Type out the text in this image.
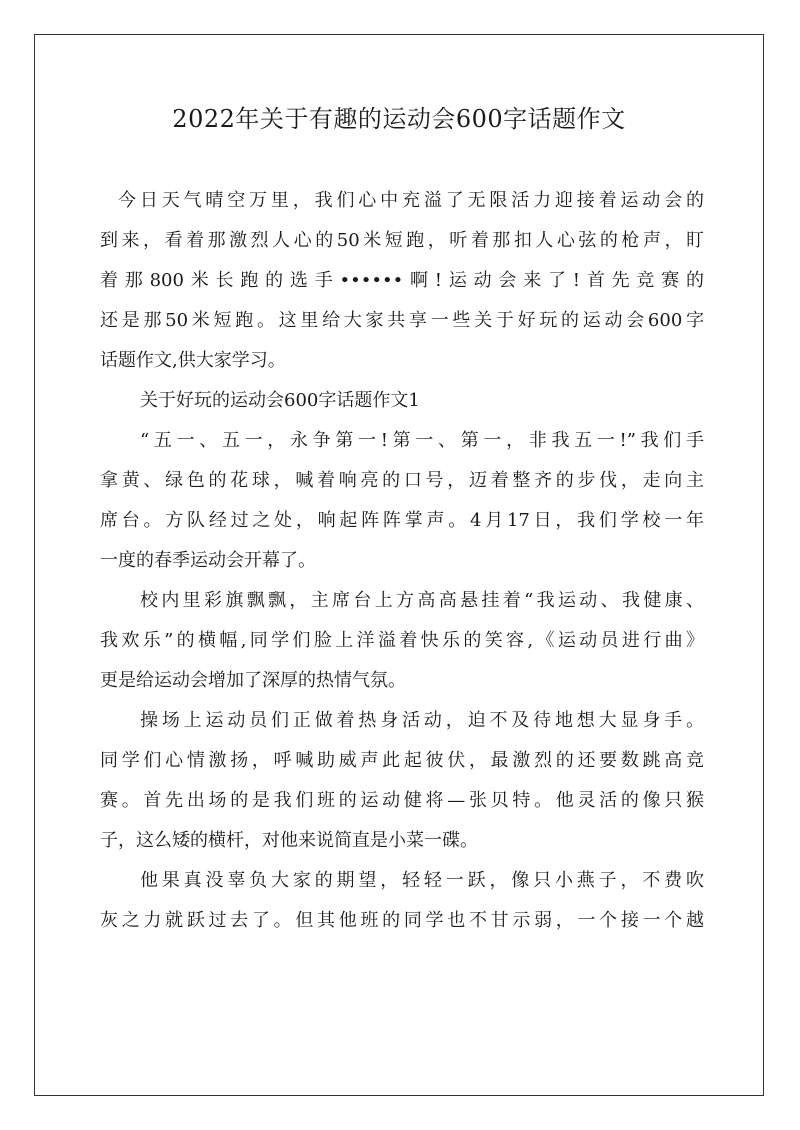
2022年关于有趣的运动会600字话题作文
今日天气晴空万里，我们心中充溢了无限活力迎接着运动会的
到来，看着那激烈人心的50米短跑，听着那扣人心弦的枪声，盯
着那800米长跑的选手••••••啊!运动会来了!首先竞赛的
还是那50米短跑。这里给大家共享一些关于好玩的运动会600字
话题作文,供大家学习。
关于好玩的运动会600字话题作文1
“五一、五一，永争第一!第一、第一，非我五一!”我们手
拿黄、绿色的花球，喊着响亮的口号，迈着整齐的步伐，走向主
席台。方队经过之处，响起阵阵掌声。4月17日，我们学校一年
一度的春季运动会开幕了。
校内里彩旗飘飘，主席台上方高高悬挂着“我运动、我健康、
我欢乐”的横幅,同学们脸上洋溢着快乐的笑容,《运动员进行曲》
更是给运动会增加了深厚的热情气氛。
操场上运动员们正做着热身活动，迫不及待地想大显身手。
同学们心情激扬，呼喊助威声此起彼伏，最激烈的还要数跳高竞
赛。首先出场的是我们班的运动健将—张贝特。他灵活的像只猴
子，这么矮的横杆，对他来说简直是小菜一碟。
他果真没辜负大家的期望，轻轻一跃，像只小燕子，不费吹
灰之力就跃过去了。但其他班的同学也不甘示弱，一个接一个越
